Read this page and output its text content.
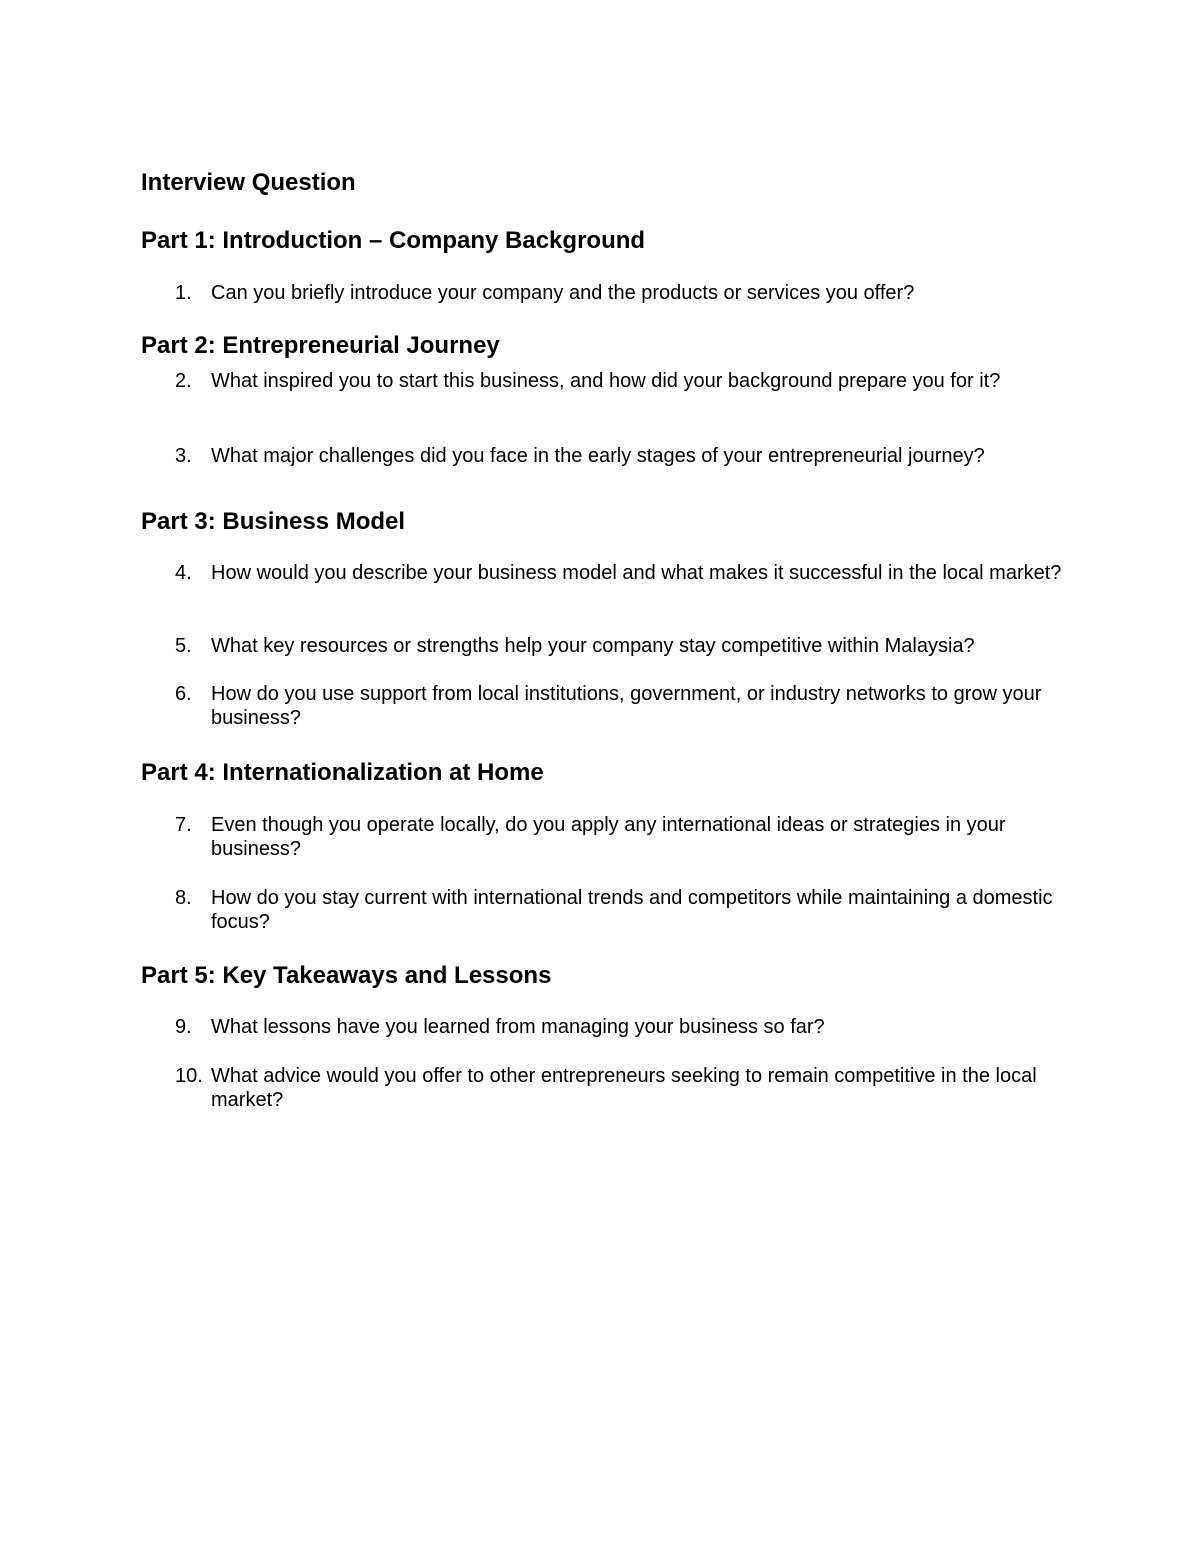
Interview Question
Part 1: Introduction – Company Background
1. Can you briefly introduce your company and the products or services you offer?
Part 2: Entrepreneurial Journey
2. What inspired you to start this business, and how did your background prepare you for it?
3. What major challenges did you face in the early stages of your entrepreneurial journey?
Part 3: Business Model
4. How would you describe your business model and what makes it successful in the local market?
5. What key resources or strengths help your company stay competitive within Malaysia?
6. How do you use support from local institutions, government, or industry networks to grow your business?
Part 4: Internationalization at Home
7. Even though you operate locally, do you apply any international ideas or strategies in your business?
8. How do you stay current with international trends and competitors while maintaining a domestic focus?
Part 5: Key Takeaways and Lessons
9. What lessons have you learned from managing your business so far?
10. What advice would you offer to other entrepreneurs seeking to remain competitive in the local market?
